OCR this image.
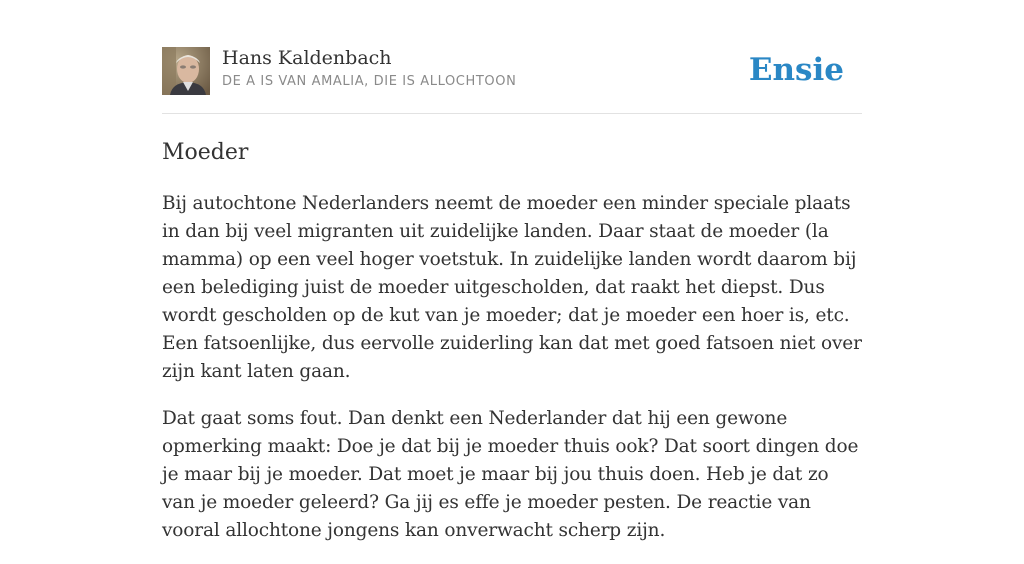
Hans Kaldenbach
DE A IS VAN AMALIA, DIE IS ALLOCHTOON	Ensie
Moeder

Bij autochtone Nederlanders neemt de moeder een minder speciale plaats in dan bij veel migranten uit zuidelijke landen. Daar staat de moeder (la mamma) op een veel hoger voetstuk. In zuidelijke landen wordt daarom bij een belediging juist de moeder uitgescholden, dat raakt het diepst. Dus wordt gescholden op de kut van je moeder; dat je moeder een hoer is, etc. Een fatsoenlijke, dus eervolle zuiderling kan dat met goed fatsoen niet over zijn kant laten gaan.

Dat gaat soms fout. Dan denkt een Nederlander dat hij een gewone opmerking maakt: Doe je dat bij je moeder thuis ook? Dat soort dingen doe je maar bij je moeder. Dat moet je maar bij jou thuis doen. Heb je dat zo van je moeder geleerd? Ga jij es effe je moeder pesten. De reactie van vooral allochtone jongens kan onverwacht scherp zijn.
